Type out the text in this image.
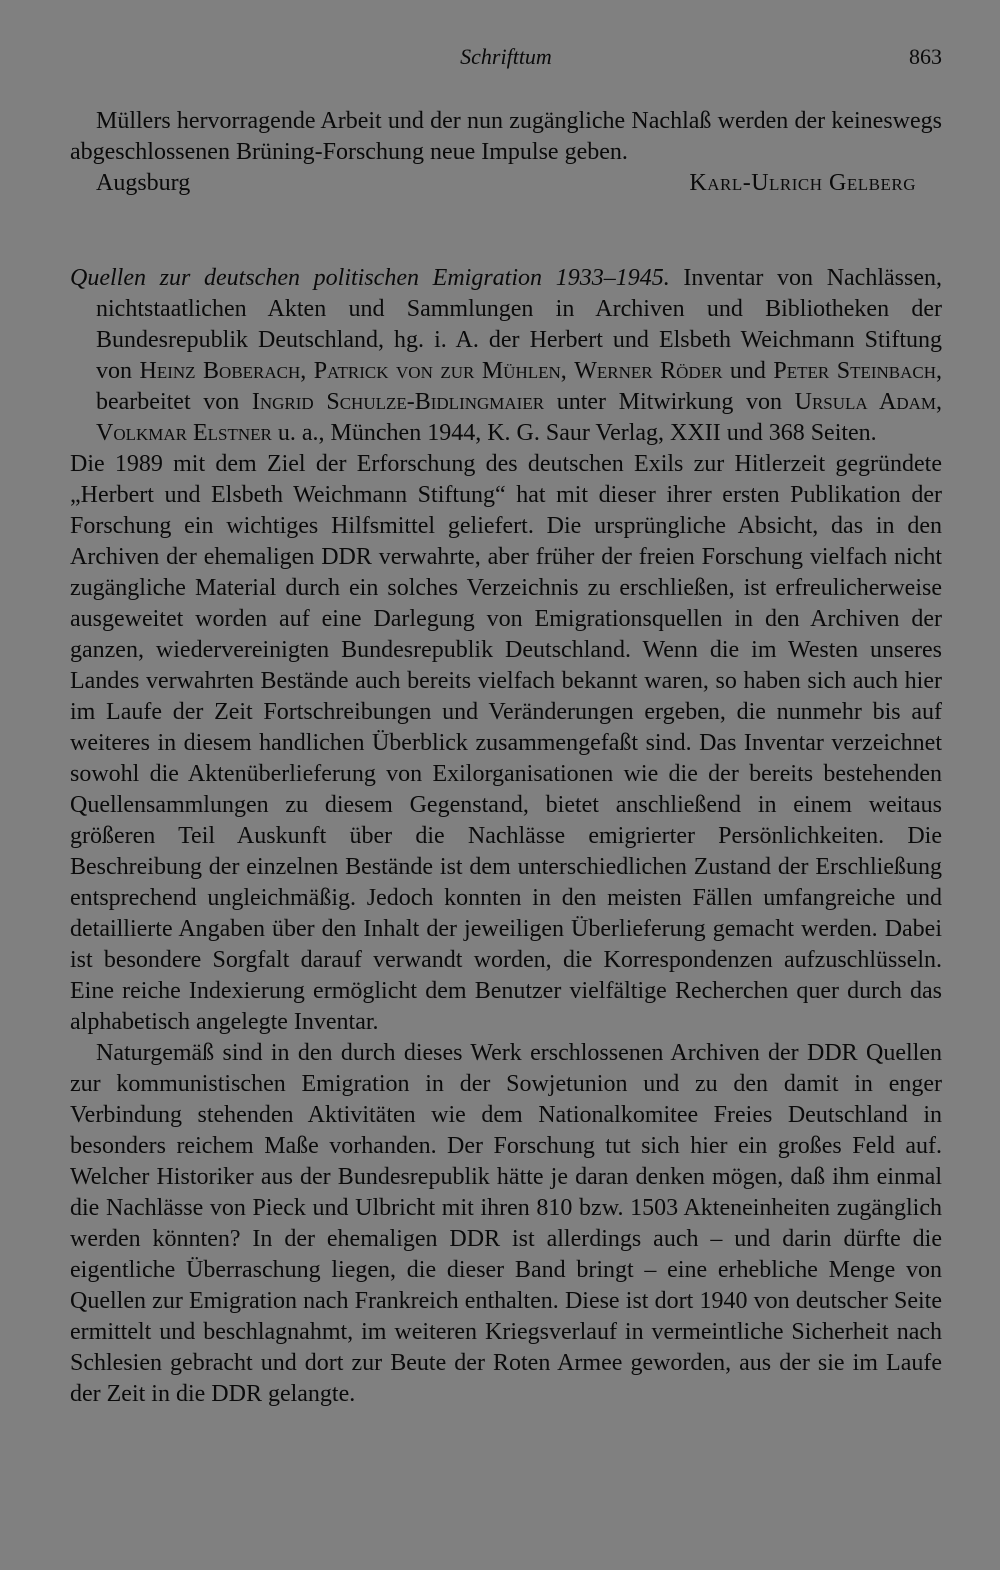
Schrifttum	863

Müllers hervorragende Arbeit und der nun zugängliche Nachlaß werden der keineswegs abgeschlossenen Brüning-Forschung neue Impulse geben.

Augsburg	Karl-Ulrich Gelberg

Quellen zur deutschen politischen Emigration 1933–1945. Inventar von Nachlässen, nichtstaatlichen Akten und Sammlungen in Archiven und Bibliotheken der Bundesrepublik Deutschland, hg. i. A. der Herbert und Elsbeth Weichmann Stiftung von Heinz Boberach, Patrick von zur Mühlen, Werner Röder und Peter Steinbach, bearbeitet von Ingrid Schulze-Bidlingmaier unter Mitwirkung von Ursula Adam, Volkmar Elstner u. a., München 1944, K. G. Saur Verlag, XXII und 368 Seiten.

Die 1989 mit dem Ziel der Erforschung des deutschen Exils zur Hitlerzeit gegründete „Herbert und Elsbeth Weichmann Stiftung“ hat mit dieser ihrer ersten Publikation der Forschung ein wichtiges Hilfsmittel geliefert. Die ursprüngliche Absicht, das in den Archiven der ehemaligen DDR verwahrte, aber früher der freien Forschung vielfach nicht zugängliche Material durch ein solches Verzeichnis zu erschließen, ist erfreulicherweise ausgeweitet worden auf eine Darlegung von Emigrationsquellen in den Archiven der ganzen, wiedervereinigten Bundesrepublik Deutschland. Wenn die im Westen unseres Landes verwahrten Bestände auch bereits vielfach bekannt waren, so haben sich auch hier im Laufe der Zeit Fortschreibungen und Veränderungen ergeben, die nunmehr bis auf weiteres in diesem handlichen Überblick zusammengefaßt sind. Das Inventar verzeichnet sowohl die Aktenüberlieferung von Exilorganisationen wie die der bereits bestehenden Quellensammlungen zu diesem Gegenstand, bietet anschließend in einem weitaus größeren Teil Auskunft über die Nachlässe emigrierter Persönlichkeiten. Die Beschreibung der einzelnen Bestände ist dem unterschiedlichen Zustand der Erschließung entsprechend ungleichmäßig. Jedoch konnten in den meisten Fällen umfangreiche und detaillierte Angaben über den Inhalt der jeweiligen Überlieferung gemacht werden. Dabei ist besondere Sorgfalt darauf verwandt worden, die Korrespondenzen aufzuschlüsseln. Eine reiche Indexierung ermöglicht dem Benutzer vielfältige Recherchen quer durch das alphabetisch angelegte Inventar.

Naturgemäß sind in den durch dieses Werk erschlossenen Archiven der DDR Quellen zur kommunistischen Emigration in der Sowjetunion und zu den damit in enger Verbindung stehenden Aktivitäten wie dem Nationalkomitee Freies Deutschland in besonders reichem Maße vorhanden. Der Forschung tut sich hier ein großes Feld auf. Welcher Historiker aus der Bundesrepublik hätte je daran denken mögen, daß ihm einmal die Nachlässe von Pieck und Ulbricht mit ihren 810 bzw. 1503 Akteneinheiten zugänglich werden könnten? In der ehemaligen DDR ist allerdings auch – und darin dürfte die eigentliche Überraschung liegen, die dieser Band bringt – eine erhebliche Menge von Quellen zur Emigration nach Frankreich enthalten. Diese ist dort 1940 von deutscher Seite ermittelt und beschlagnahmt, im weiteren Kriegsverlauf in vermeintliche Sicherheit nach Schlesien gebracht und dort zur Beute der Roten Armee geworden, aus der sie im Laufe der Zeit in die DDR gelangte.
